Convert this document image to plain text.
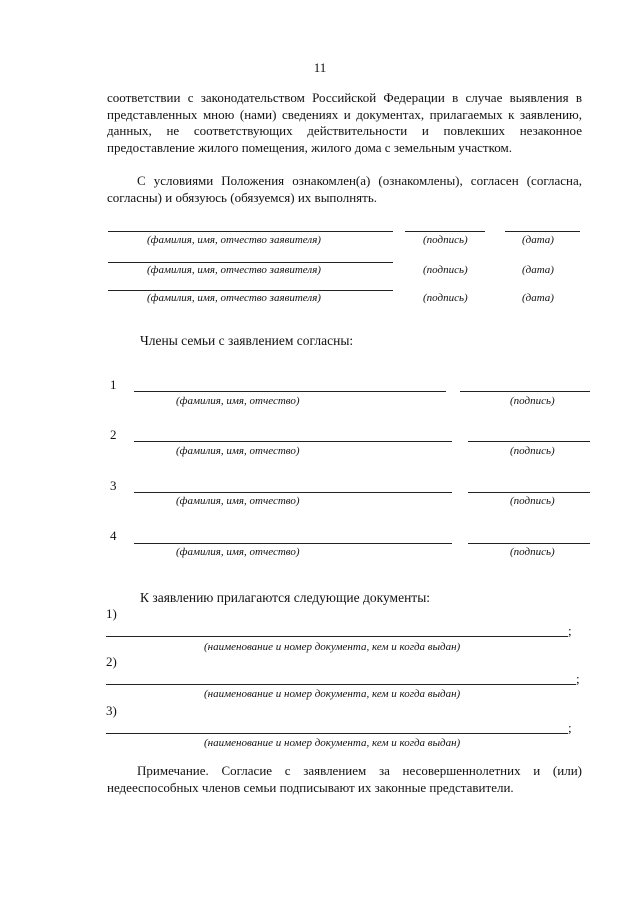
11

соответствии с законодательством Российской Федерации в случае выявления в представленных мною (нами) сведениях и документах, прилагаемых к заявлению, данных, не соответствующих действительности и повлекших незаконное предоставление жилого помещения, жилого дома с земельным участком.

С условиями Положения ознакомлен(а) (ознакомлены), согласен (согласна, согласны) и обязуюсь (обязуемся) их выполнять.

(фамилия, имя, отчество заявителя)	(подпись)	(дата)
(фамилия, имя, отчество заявителя)	(подпись)	(дата)
(фамилия, имя, отчество заявителя)	(подпись)	(дата)
Члены семьи с заявлением согласны:
1
(фамилия, имя, отчество)	(подпись)
2
(фамилия, имя, отчество)	(подпись)
3
(фамилия, имя, отчество)	(подпись)
4
(фамилия, имя, отчество)	(подпись)
К заявлению прилагаются следующие документы:
1)
;
(наименование и номер документа, кем и когда выдан)
2)
;
(наименование и номер документа, кем и когда выдан)
3)
;
(наименование и номер документа, кем и когда выдан)

Примечание. Согласие с заявлением за несовершеннолетних и (или) недееспособных членов семьи подписывают их законные представители.
